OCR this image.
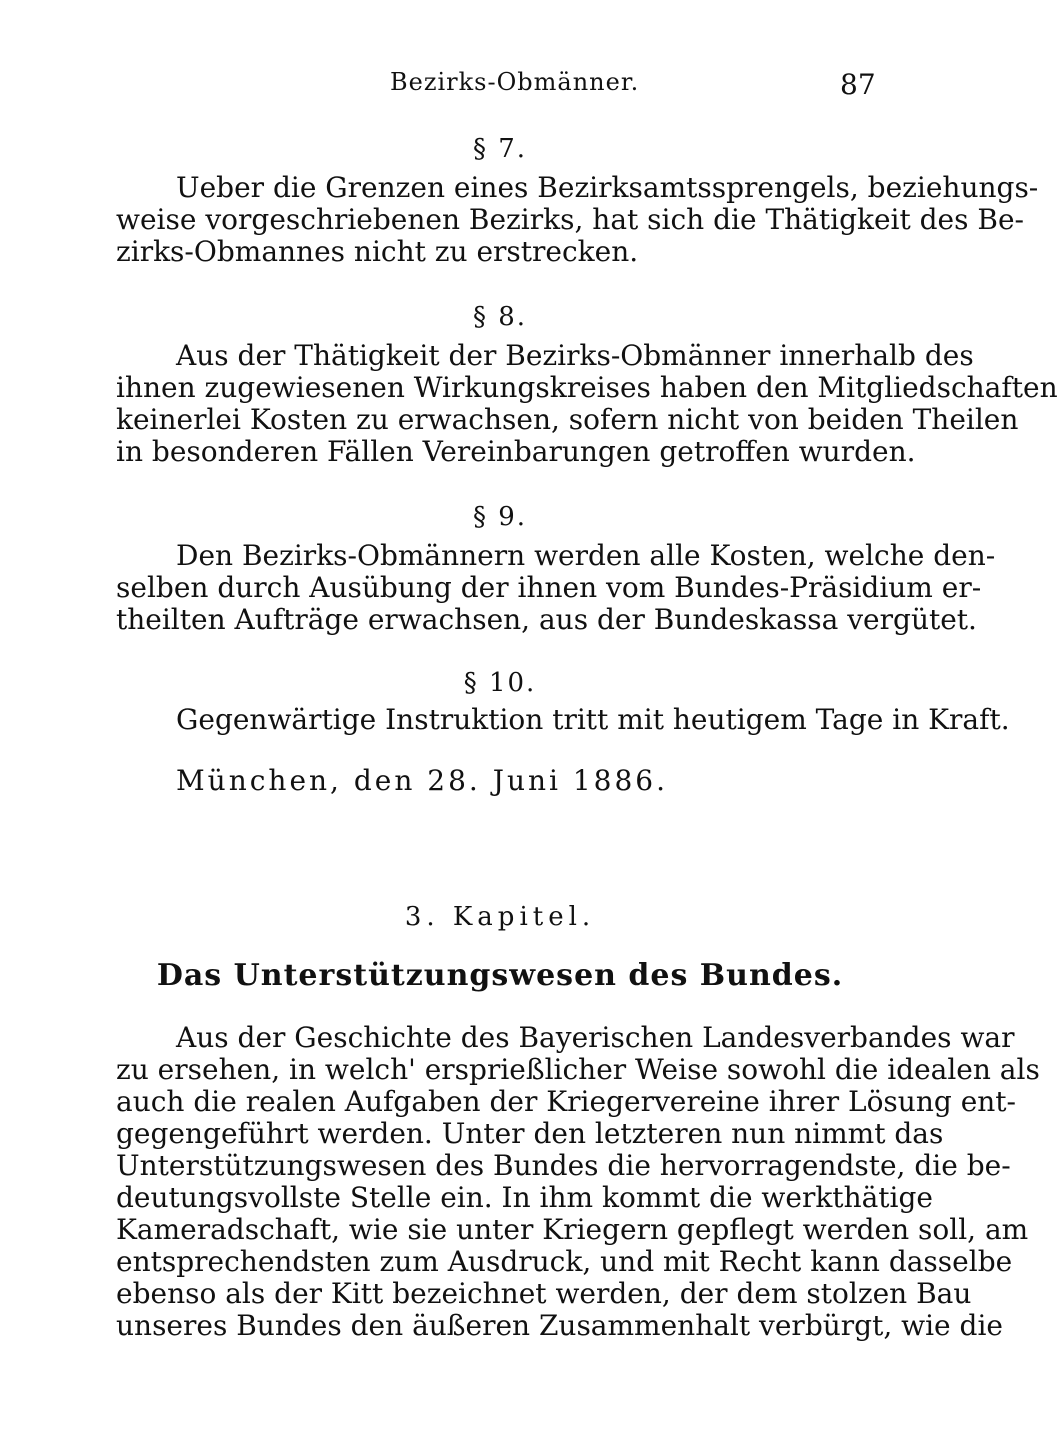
Bezirks-Obmänner.	87
§ 7.
Ueber die Grenzen eines Bezirksamtssprengels, beziehungs-
weise vorgeschriebenen Bezirks, hat sich die Thätigkeit des Be-
zirks-Obmannes nicht zu erstrecken.
§ 8.
Aus der Thätigkeit der Bezirks-Obmänner innerhalb des
ihnen zugewiesenen Wirkungskreises haben den Mitgliedschaften
keinerlei Kosten zu erwachsen, sofern nicht von beiden Theilen
in besonderen Fällen Vereinbarungen getroffen wurden.
§ 9.
Den Bezirks-Obmännern werden alle Kosten, welche den-
selben durch Ausübung der ihnen vom Bundes-Präsidium er-
theilten Aufträge erwachsen, aus der Bundeskassa vergütet.
§ 10.
Gegenwärtige Instruktion tritt mit heutigem Tage in Kraft.
München, den 28. Juni 1886.
3. Kapitel.
Das Unterstützungswesen des Bundes.
Aus der Geschichte des Bayerischen Landesverbandes war
zu ersehen, in welch' ersprießlicher Weise sowohl die idealen als
auch die realen Aufgaben der Kriegervereine ihrer Lösung ent-
gegengeführt werden. Unter den letzteren nun nimmt das
Unterstützungswesen des Bundes die hervorragendste, die be-
deutungsvollste Stelle ein. In ihm kommt die werkthätige
Kameradschaft, wie sie unter Kriegern gepflegt werden soll, am
entsprechendsten zum Ausdruck, und mit Recht kann dasselbe
ebenso als der Kitt bezeichnet werden, der dem stolzen Bau
unseres Bundes den äußeren Zusammenhalt verbürgt, wie die
